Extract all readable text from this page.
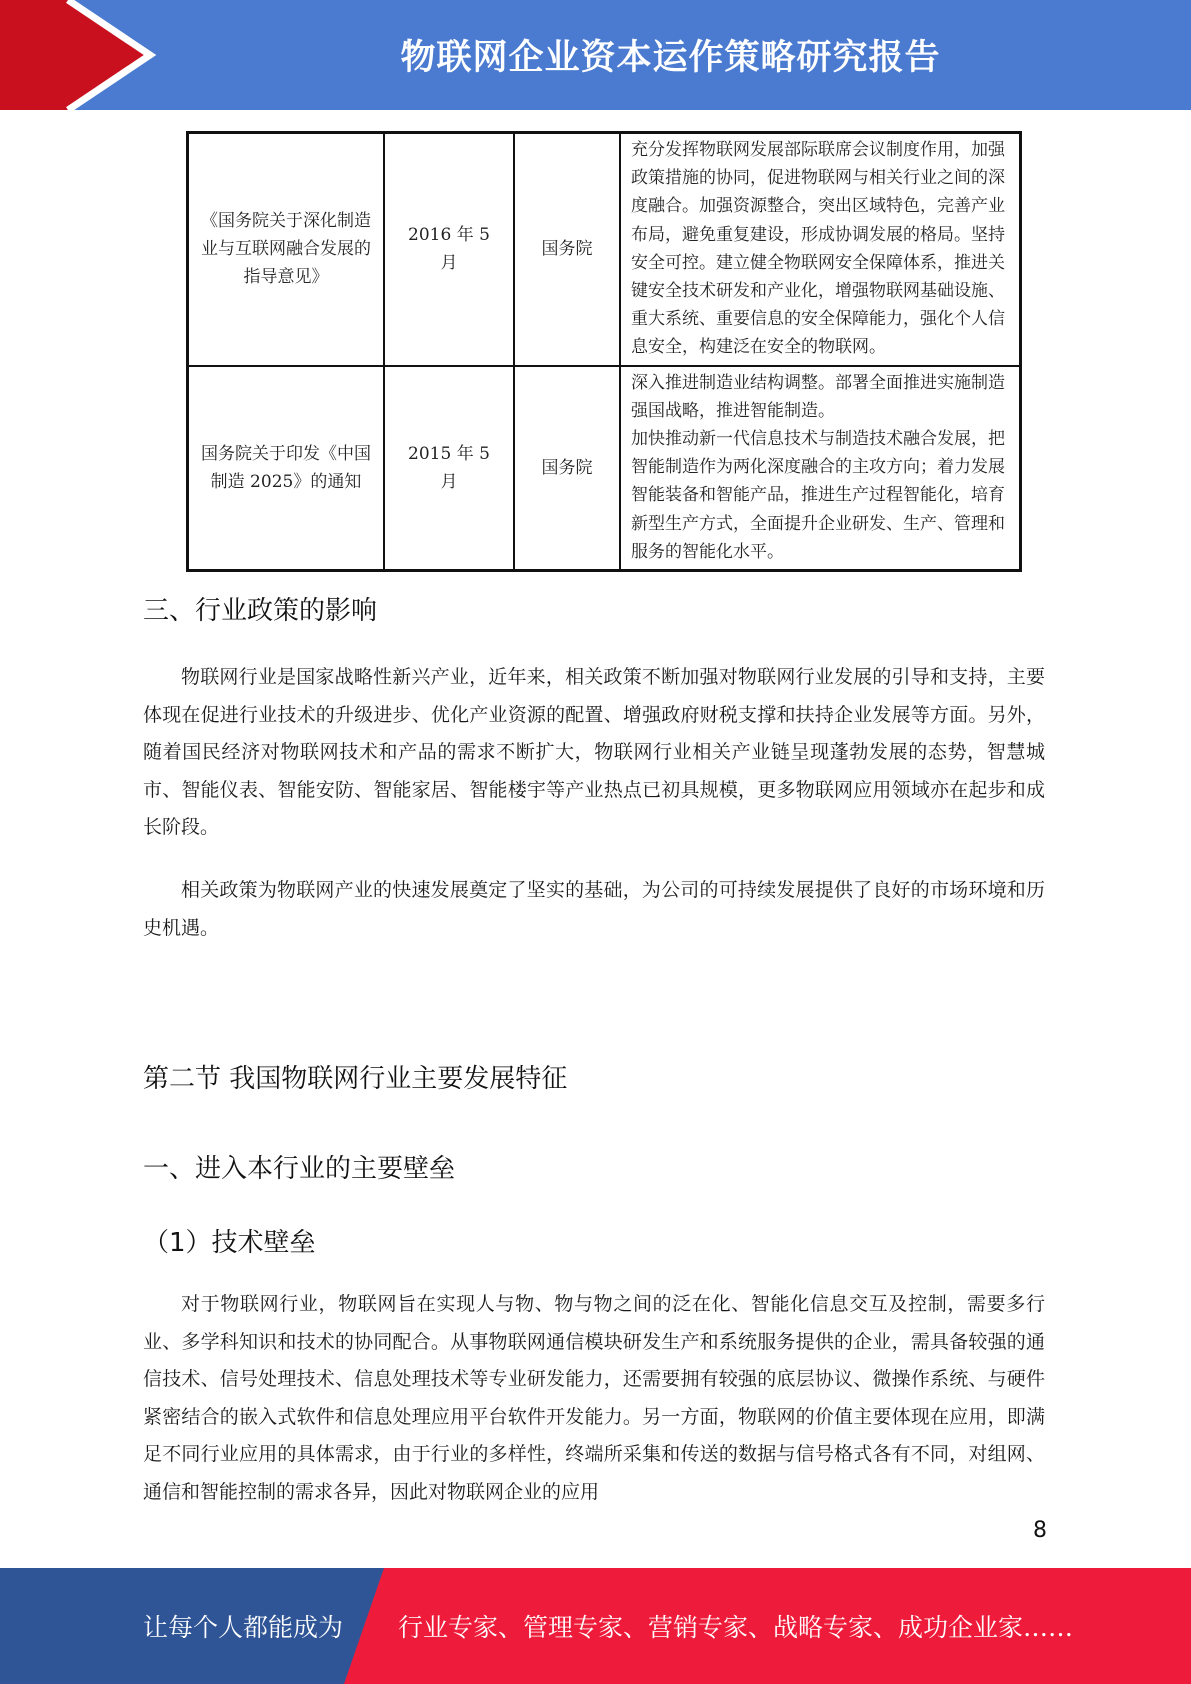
物联网企业资本运作策略研究报告
《国务院关于深化制造业与互联网融合发展的指导意见》	2016 年 5 月	国务院	充分发挥物联网发展部际联席会议制度作用，加强政策措施的协同，促进物联网与相关行业之间的深度融合。加强资源整合，突出区域特色，完善产业布局，避免重复建设，形成协调发展的格局。坚持安全可控。建立健全物联网安全保障体系，推进关键安全技术研发和产业化，增强物联网基础设施、重大系统、重要信息的安全保障能力，强化个人信息安全，构建泛在安全的物联网。
国务院关于印发《中国制造 2025》的通知	2015 年 5 月	国务院	深入推进制造业结构调整。部署全面推进实施制造强国战略，推进智能制造。
加快推动新一代信息技术与制造技术融合发展，把智能制造作为两化深度融合的主攻方向；着力发展智能装备和智能产品，推进生产过程智能化，培育新型生产方式，全面提升企业研发、生产、管理和服务的智能化水平。
三、行业政策的影响

物联网行业是国家战略性新兴产业，近年来，相关政策不断加强对物联网行业发展的引导和支持，主要体现在促进行业技术的升级进步、优化产业资源的配置、增强政府财税支撑和扶持企业发展等方面。另外，随着国民经济对物联网技术和产品的需求不断扩大，物联网行业相关产业链呈现蓬勃发展的态势，智慧城市、智能仪表、智能安防、智能家居、智能楼宇等产业热点已初具规模，更多物联网应用领域亦在起步和成长阶段。

相关政策为物联网产业的快速发展奠定了坚实的基础，为公司的可持续发展提供了良好的市场环境和历史机遇。

第二节 我国物联网行业主要发展特征
一、进入本行业的主要壁垒
（1）技术壁垒

对于物联网行业，物联网旨在实现人与物、物与物之间的泛在化、智能化信息交互及控制，需要多行业、多学科知识和技术的协同配合。从事物联网通信模块研发生产和系统服务提供的企业，需具备较强的通信技术、信号处理技术、信息处理技术等专业研发能力，还需要拥有较强的底层协议、微操作系统、与硬件紧密结合的嵌入式软件和信息处理应用平台软件开发能力。另一方面，物联网的价值主要体现在应用，即满足不同行业应用的具体需求，由于行业的多样性，终端所采集和传送的数据与信号格式各有不同，对组网、通信和智能控制的需求各异，因此对物联网企业的应用

8
让每个人都能成为 行业专家、管理专家、营销专家、战略专家、成功企业家……
